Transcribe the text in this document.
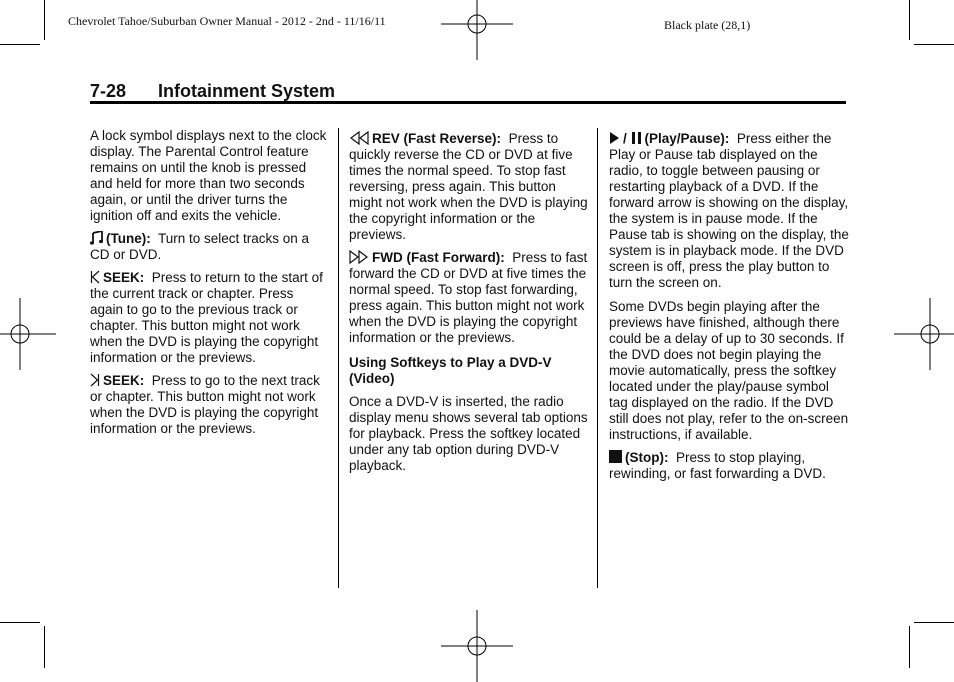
Chevrolet Tahoe/Suburban Owner Manual - 2012 - 2nd - 11/16/11	Black plate (28,1)
7-28 Infotainment System

A lock symbol displays next to the clock display. The Parental Control feature remains on until the knob is pressed and held for more than two seconds again, or until the driver turns the ignition off and exits the vehicle.

(Tune): Turn to select tracks on a CD or DVD.

SEEK: Press to return to the start of the current track or chapter. Press again to go to the previous track or chapter. This button might not work when the DVD is playing the copyright information or the previews.

SEEK: Press to go to the next track or chapter. This button might not work when the DVD is playing the copyright information or the previews.

REV (Fast Reverse): Press to quickly reverse the CD or DVD at five times the normal speed. To stop fast reversing, press again. This button might not work when the DVD is playing the copyright information or the previews.

FWD (Fast Forward): Press to fast forward the CD or DVD at five times the normal speed. To stop fast forwarding, press again. This button might not work when the DVD is playing the copyright information or the previews.

Using Softkeys to Play a DVD-V (Video)

Once a DVD-V is inserted, the radio display menu shows several tab options for playback. Press the softkey located under any tab option during DVD-V playback.

/ (Play/Pause): Press either the Play or Pause tab displayed on the radio, to toggle between pausing or restarting playback of a DVD. If the forward arrow is showing on the display, the system is in pause mode. If the Pause tab is showing on the display, the system is in playback mode. If the DVD screen is off, press the play button to turn the screen on.

Some DVDs begin playing after the previews have finished, although there could be a delay of up to 30 seconds. If the DVD does not begin playing the movie automatically, press the softkey located under the play/pause symbol tag displayed on the radio. If the DVD still does not play, refer to the on-screen instructions, if available.

(Stop): Press to stop playing, rewinding, or fast forwarding a DVD.
